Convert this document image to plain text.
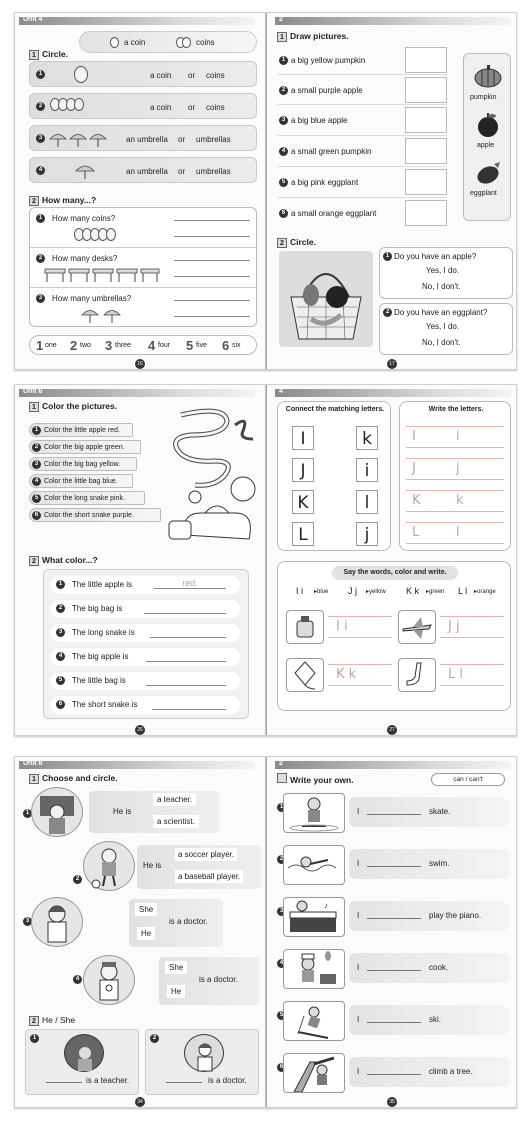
Unit 4
a coin	coins
1 Circle.
1	a coin or coins
2	a coin or coins
3	an umbrella or umbrellas
4	an umbrella or umbrellas
2 How many...?
1	How many coins?
2	How many desks?
3	How many umbrellas?
1 one 2 two 3 three 4 four 5 five 6 six
16
2
1 Draw pictures.
1 a big yellow pumpkin
2 a small purple apple
3 a big blue apple
4 a small green pumpkin
5 a big pink eggplant
6 a small orange eggplant
pumpkin
apple
eggplant
2 Circle.
1 Do you have an apple?
Yes, I do.
No, I don't.
2 Do you have an eggplant?
Yes, I do.
No, I don't.
17
Unit 6
1 Color the pictures.
1 Color the little apple red.
2 Color the big apple green.
3 Color the big bag yellow.
4 Color the little bag blue.
5 Color the long snake pink.
6 Color the short snake purple.
2 What color...?
1	The little apple is	red.
2	The big bag is
3	The long snake is
4	The big apple is
5	The little bag is
6	The short snake is
26
4
Connect the matching letters.
I
J
K
L
k
i
l
j
Write the letters.
I	i
J	j
K	k
L	l
Say the words, color and write.
I i ▸blue J j ▸yellow K k ▸green L l ▸orange
I i	J j
K k	L l
27
Unit 8
1 Choose and circle.
1	He is
a teacher.
a scientist.
2
He is
a soccer player.
a baseball player.
3
She
He
is a doctor.
4
She
He
is a doctor.
2 He / She
1
is a teacher.
2
is a doctor.
34
2
Write your own.	can / can't
1	I	skate.
2	I	swim.
3
♪
I	play the piano.
4	I	cook.
5	I	ski.
6	I	climb a tree.
35
